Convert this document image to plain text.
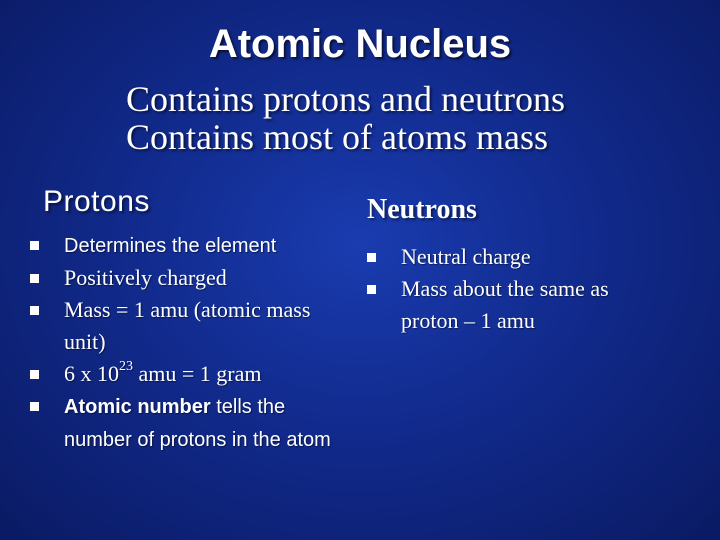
Atomic Nucleus
Contains protons and neutrons
Contains most of atoms mass
Protons
Determines the element
Positively charged
Mass = 1 amu (atomic mass unit)
6 x $10^{23}$ amu = 1 gram
Atomic number tells the number of protons in the atom
Neutrons
Neutral charge
Mass about the same as proton – 1 amu
